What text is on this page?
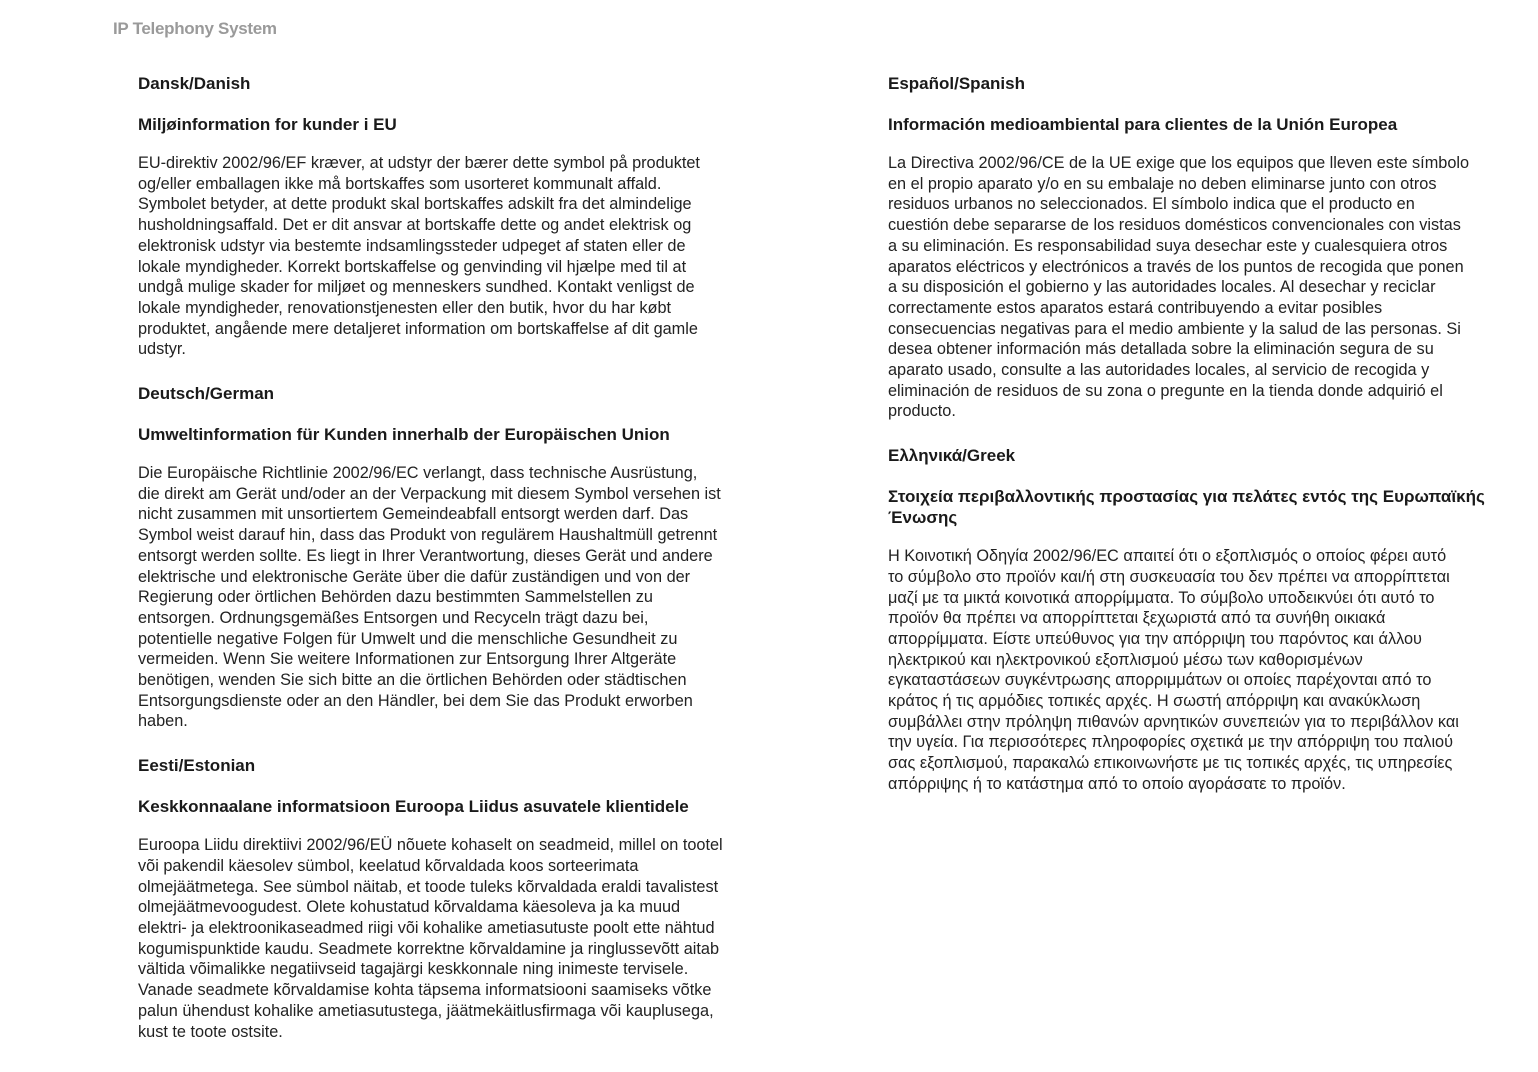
IP Telephony System
Dansk/Danish
Miljøinformation for kunder i EU

EU-direktiv 2002/96/EF kræver, at udstyr der bærer dette symbol på produktet
og/eller emballagen ikke må bortskaffes som usorteret kommunalt affald.
Symbolet betyder, at dette produkt skal bortskaffes adskilt fra det almindelige
husholdningsaffald. Det er dit ansvar at bortskaffe dette og andet elektrisk og
elektronisk udstyr via bestemte indsamlingssteder udpeget af staten eller de
lokale myndigheder. Korrekt bortskaffelse og genvinding vil hjælpe med til at
undgå mulige skader for miljøet og menneskers sundhed. Kontakt venligst de
lokale myndigheder, renovationstjenesten eller den butik, hvor du har købt
produktet, angående mere detaljeret information om bortskaffelse af dit gamle
udstyr.

Deutsch/German
Umweltinformation für Kunden innerhalb der Europäischen Union

Die Europäische Richtlinie 2002/96/EC verlangt, dass technische Ausrüstung,
die direkt am Gerät und/oder an der Verpackung mit diesem Symbol versehen ist
nicht zusammen mit unsortiertem Gemeindeabfall entsorgt werden darf. Das
Symbol weist darauf hin, dass das Produkt von regulärem Haushaltmüll getrennt
entsorgt werden sollte. Es liegt in Ihrer Verantwortung, dieses Gerät und andere
elektrische und elektronische Geräte über die dafür zuständigen und von der
Regierung oder örtlichen Behörden dazu bestimmten Sammelstellen zu
entsorgen. Ordnungsgemäßes Entsorgen und Recyceln trägt dazu bei,
potentielle negative Folgen für Umwelt und die menschliche Gesundheit zu
vermeiden. Wenn Sie weitere Informationen zur Entsorgung Ihrer Altgeräte
benötigen, wenden Sie sich bitte an die örtlichen Behörden oder städtischen
Entsorgungsdienste oder an den Händler, bei dem Sie das Produkt erworben
haben.

Eesti/Estonian
Keskkonnaalane informatsioon Euroopa Liidus asuvatele klientidele

Euroopa Liidu direktiivi 2002/96/EÜ nõuete kohaselt on seadmeid, millel on tootel
või pakendil käesolev sümbol, keelatud kõrvaldada koos sorteerimata
olmejäätmetega. See sümbol näitab, et toode tuleks kõrvaldada eraldi tavalistest
olmejäätmevoogudest. Olete kohustatud kõrvaldama käesoleva ja ka muud
elektri- ja elektroonikaseadmed riigi või kohalike ametiasutuste poolt ette nähtud
kogumispunktide kaudu. Seadmete korrektne kõrvaldamine ja ringlussevõtt aitab
vältida võimalikke negatiivseid tagajärgi keskkonnale ning inimeste tervisele.
Vanade seadmete kõrvaldamise kohta täpsema informatsiooni saamiseks võtke
palun ühendust kohalike ametiasutustega, jäätmekäitlusfirmaga või kauplusega,
kust te toote ostsite.

Español/Spanish
Información medioambiental para clientes de la Unión Europea

La Directiva 2002/96/CE de la UE exige que los equipos que lleven este símbolo
en el propio aparato y/o en su embalaje no deben eliminarse junto con otros
residuos urbanos no seleccionados. El símbolo indica que el producto en
cuestión debe separarse de los residuos domésticos convencionales con vistas
a su eliminación. Es responsabilidad suya desechar este y cualesquiera otros
aparatos eléctricos y electrónicos a través de los puntos de recogida que ponen
a su disposición el gobierno y las autoridades locales. Al desechar y reciclar
correctamente estos aparatos estará contribuyendo a evitar posibles
consecuencias negativas para el medio ambiente y la salud de las personas. Si
desea obtener información más detallada sobre la eliminación segura de su
aparato usado, consulte a las autoridades locales, al servicio de recogida y
eliminación de residuos de su zona o pregunte en la tienda donde adquirió el
producto.

Ελληνικά/Greek
Στοιχεία περιβαλλοντικής προστασίας για πελάτες εντός της Ευρωπαϊκής
Ένωσης

Η Κοινοτική Οδηγία 2002/96/EC απαιτεί ότι ο εξοπλισμός ο οποίος φέρει αυτό
το σύμβολο στο προϊόν και/ή στη συσκευασία του δεν πρέπει να απορρίπτεται
μαζί με τα μικτά κοινοτικά απορρίμματα. Το σύμβολο υποδεικνύει ότι αυτό το
προϊόν θα πρέπει να απορρίπτεται ξεχωριστά από τα συνήθη οικιακά
απορρίμματα. Είστε υπεύθυνος για την απόρριψη του παρόντος και άλλου
ηλεκτρικού και ηλεκτρονικού εξοπλισμού μέσω των καθορισμένων
εγκαταστάσεων συγκέντρωσης απορριμμάτων οι οποίες παρέχονται από το
κράτος ή τις αρμόδιες τοπικές αρχές. Η σωστή απόρριψη και ανακύκλωση
συμβάλλει στην πρόληψη πιθανών αρνητικών συνεπειών για το περιβάλλον και
την υγεία. Για περισσότερες πληροφορίες σχετικά με την απόρριψη του παλιού
σας εξοπλισμού, παρακαλώ επικοινωνήστε με τις τοπικές αρχές, τις υπηρεσίες
απόρριψης ή το κατάστημα από το οποίο αγοράσατε το προϊόν.
